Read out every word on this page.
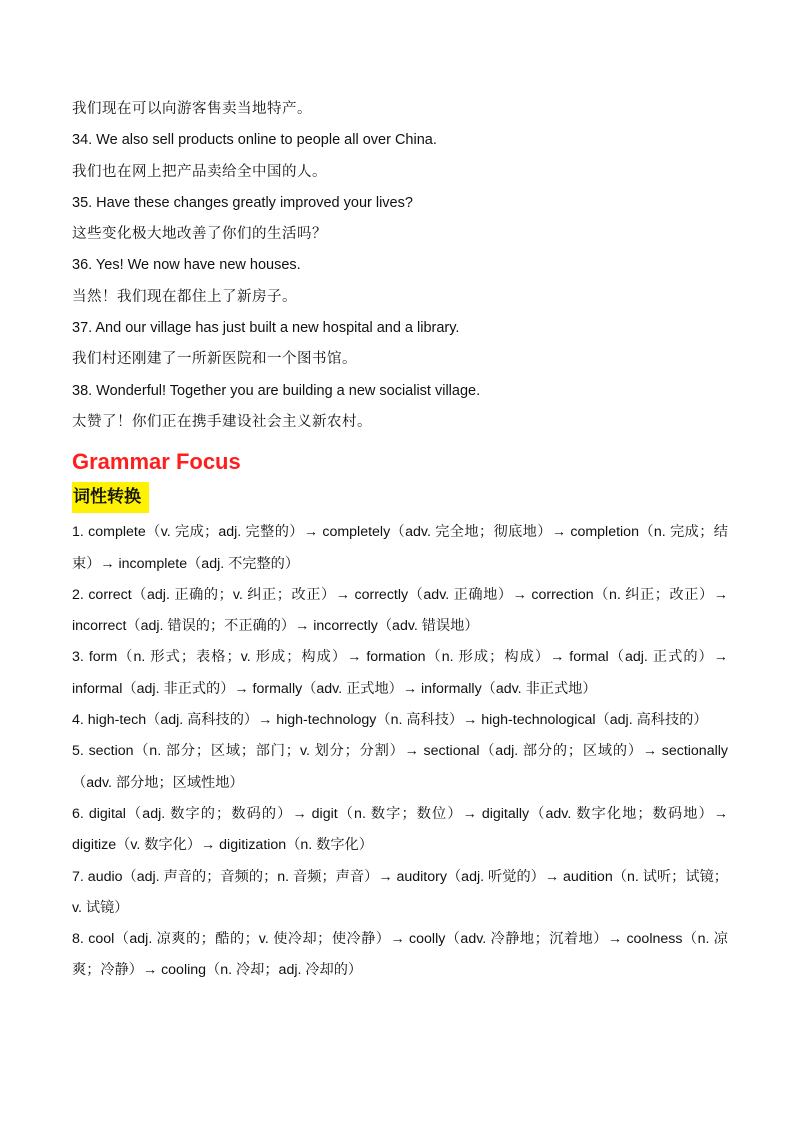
我们现在可以向游客售卖当地特产。
34. We also sell products online to people all over China.
我们也在网上把产品卖给全中国的人。
35. Have these changes greatly improved your lives?
这些变化极大地改善了你们的生活吗？
36. Yes! We now have new houses.
当然！我们现在都住上了新房子。
37. And our village has just built a new hospital and a library.
我们村还刚建了一所新医院和一个图书馆。
38. Wonderful! Together you are building a new socialist village.
太赞了！你们正在携手建设社会主义新农村。
Grammar Focus
词性转换
1. complete（v. 完成；adj. 完整的）→ completely（adv. 完全地；彻底地）→ completion（n. 完成；结束）→ incomplete（adj. 不完整的）
2. correct（adj. 正确的；v. 纠正；改正）→ correctly（adv. 正确地）→ correction（n. 纠正；改正）→ incorrect（adj. 错误的；不正确的）→ incorrectly（adv. 错误地）
3. form（n. 形式；表格；v. 形成；构成）→ formation（n. 形成；构成）→ formal（adj. 正式的）→ informal（adj. 非正式的）→ formally（adv. 正式地）→ informally（adv. 非正式地）
4. high-tech（adj. 高科技的）→ high-technology（n. 高科技）→ high-technological（adj. 高科技的）
5. section（n. 部分；区域；部门；v. 划分；分割）→ sectional（adj. 部分的；区域的）→ sectionally（adv. 部分地；区域性地）
6. digital（adj. 数字的；数码的）→ digit（n. 数字；数位）→ digitally（adv. 数字化地；数码地）→ digitize（v. 数字化）→ digitization（n. 数字化）
7. audio（adj. 声音的；音频的；n. 音频；声音）→ auditory（adj. 听觉的）→ audition（n. 试听；试镜；v. 试镜）
8. cool（adj. 凉爽的；酷的；v. 使冷却；使冷静）→ coolly（adv. 冷静地；沉着地）→ coolness（n. 凉爽；冷静）→ cooling（n. 冷却；adj. 冷却的）
